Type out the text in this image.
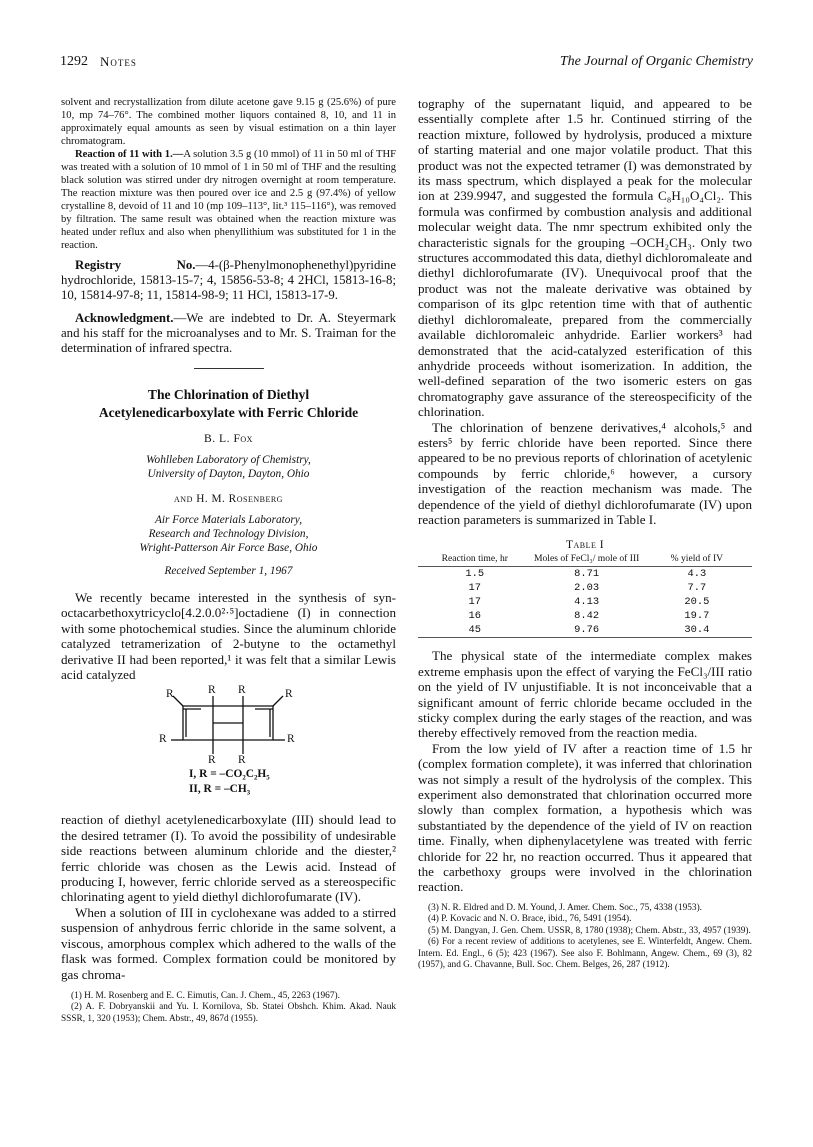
1292 Notes	The Journal of Organic Chemistry

solvent and recrystallization from dilute acetone gave 9.15 g (25.6%) of pure 10, mp 74–76°. The combined mother liquors contained 8, 10, and 11 in approximately equal amounts as seen by visual estimation on a thin layer chromatogram.

Reaction of 11 with 1.—A solution 3.5 g (10 mmol) of 11 in 50 ml of THF was treated with a solution of 10 mmol of 1 in 50 ml of THF and the resulting black solution was stirred under dry nitrogen overnight at room temperature. The reaction mixture was then poured over ice and 2.5 g (97.4%) of yellow crystalline 8, devoid of 11 and 10 (mp 109–113°, lit.³ 115–116°), was removed by filtration. The same result was obtained when the reaction mixture was heated under reflux and also when phenyllithium was substituted for 1 in the reaction.

Registry No.—4-(β-Phenylmonophenethyl)pyridine hydrochloride, 15813-15-7; 4, 15856-53-8; 4 2HCl, 15813-16-8; 10, 15814-97-8; 11, 15814-98-9; 11 HCl, 15813-17-9.

Acknowledgment.—We are indebted to Dr. A. Steyermark and his staff for the microanalyses and to Mr. S. Traiman for the determination of infrared spectra.

The Chlorination of Diethyl
Acetylenedicarboxylate with Ferric Chloride
B. L. Fox
Wohlleben Laboratory of Chemistry,
University of Dayton, Dayton, Ohio
and H. M. Rosenberg
Air Force Materials Laboratory,
Research and Technology Division,
Wright-Patterson Air Force Base, Ohio
Received September 1, 1967

We recently became interested in the synthesis of syn-octacarbethoxytricyclo[4.2.0.0²·⁵]octadiene (I) in connection with some photochemical studies. Since the aluminum chloride catalyzed tetramerization of 2-butyne to the octamethyl derivative II had been reported,¹ it was felt that a similar Lewis acid catalyzed

R	R R	R
R	R
R R
I, R = –CO₂C₂H₅
II, R = –CH₃

reaction of diethyl acetylenedicarboxylate (III) should lead to the desired tetramer (I). To avoid the possibility of undesirable side reactions between aluminum chloride and the diester,² ferric chloride was chosen as the Lewis acid. Instead of producing I, however, ferric chloride served as a stereospecific chlorinating agent to yield diethyl dichlorofumarate (IV).

When a solution of III in cyclohexane was added to a stirred suspension of anhydrous ferric chloride in the same solvent, a viscous, amorphous complex which adhered to the walls of the flask was formed. Complex formation could be monitored by gas chroma-

(1) H. M. Rosenberg and E. C. Eimutis, Can. J. Chem., 45, 2263 (1967).

(2) A. F. Dobryanskii and Yu. I. Kornilova, Sb. Statei Obshch. Khim. Akad. Nauk SSSR, 1, 320 (1953); Chem. Abstr., 49, 867d (1955).

tography of the supernatant liquid, and appeared to be essentially complete after 1.5 hr. Continued stirring of the reaction mixture, followed by hydrolysis, produced a mixture of starting material and one major volatile product. That this product was not the expected tetramer (I) was demonstrated by its mass spectrum, which displayed a peak for the molecular ion at 239.9947, and suggested the formula C₈H₁₀O₄Cl₂. This formula was confirmed by combustion analysis and additional molecular weight data. The nmr spectrum exhibited only the characteristic signals for the grouping –OCH₂CH₃. Only two structures accommodated this data, diethyl dichloromaleate and diethyl dichlorofumarate (IV). Unequivocal proof that the product was not the maleate derivative was obtained by comparison of its glpc retention time with that of authentic diethyl dichloromaleate, prepared from the commercially available dichloromaleic anhydride. Earlier workers³ had demonstrated that the acid-catalyzed esterification of this anhydride proceeds without isomerization. In addition, the well-defined separation of the two isomeric esters on gas chromatography gave assurance of the stereospecificity of the chlorination.

The chlorination of benzene derivatives,⁴ alcohols,⁵ and esters⁵ by ferric chloride have been reported. Since there appeared to be no previous reports of chlorination of acetylenic compounds by ferric chloride,⁶ however, a cursory investigation of the reaction mechanism was made. The dependence of the yield of diethyl dichlorofumarate (IV) upon reaction parameters is summarized in Table I.

Table I
Reaction time, hr	Moles of FeCl₃/ mole of III	% yield of IV
1.5	8.71	4.3
17	2.03	7.7
17	4.13	20.5
16	8.42	19.7
45	9.76	30.4

The physical state of the intermediate complex makes extreme emphasis upon the effect of varying the FeCl₃/III ratio on the yield of IV unjustifiable. It is not inconceivable that a significant amount of ferric chloride became occluded in the sticky complex during the early stages of the reaction, and was thereby effectively removed from the reaction media.

From the low yield of IV after a reaction time of 1.5 hr (complex formation complete), it was inferred that chlorination was not simply a result of the hydrolysis of the complex. This experiment also demonstrated that chlorination occurred more slowly than complex formation, a hypothesis which was substantiated by the dependence of the yield of IV on reaction time. Finally, when diphenylacetylene was treated with ferric chloride for 22 hr, no reaction occurred. Thus it appeared that the carbethoxy groups were involved in the chlorination reaction.

(3) N. R. Eldred and D. M. Yound, J. Amer. Chem. Soc., 75, 4338 (1953).

(4) P. Kovacic and N. O. Brace, ibid., 76, 5491 (1954).

(5) M. Dangyan, J. Gen. Chem. USSR, 8, 1780 (1938); Chem. Abstr., 33, 4957 (1939).

(6) For a recent review of additions to acetylenes, see E. Winterfeldt, Angew. Chem. Intern. Ed. Engl., 6 (5); 423 (1967). See also F. Bohlmann, Angew. Chem., 69 (3), 82 (1957), and G. Chavanne, Bull. Soc. Chem. Belges, 26, 287 (1912).
